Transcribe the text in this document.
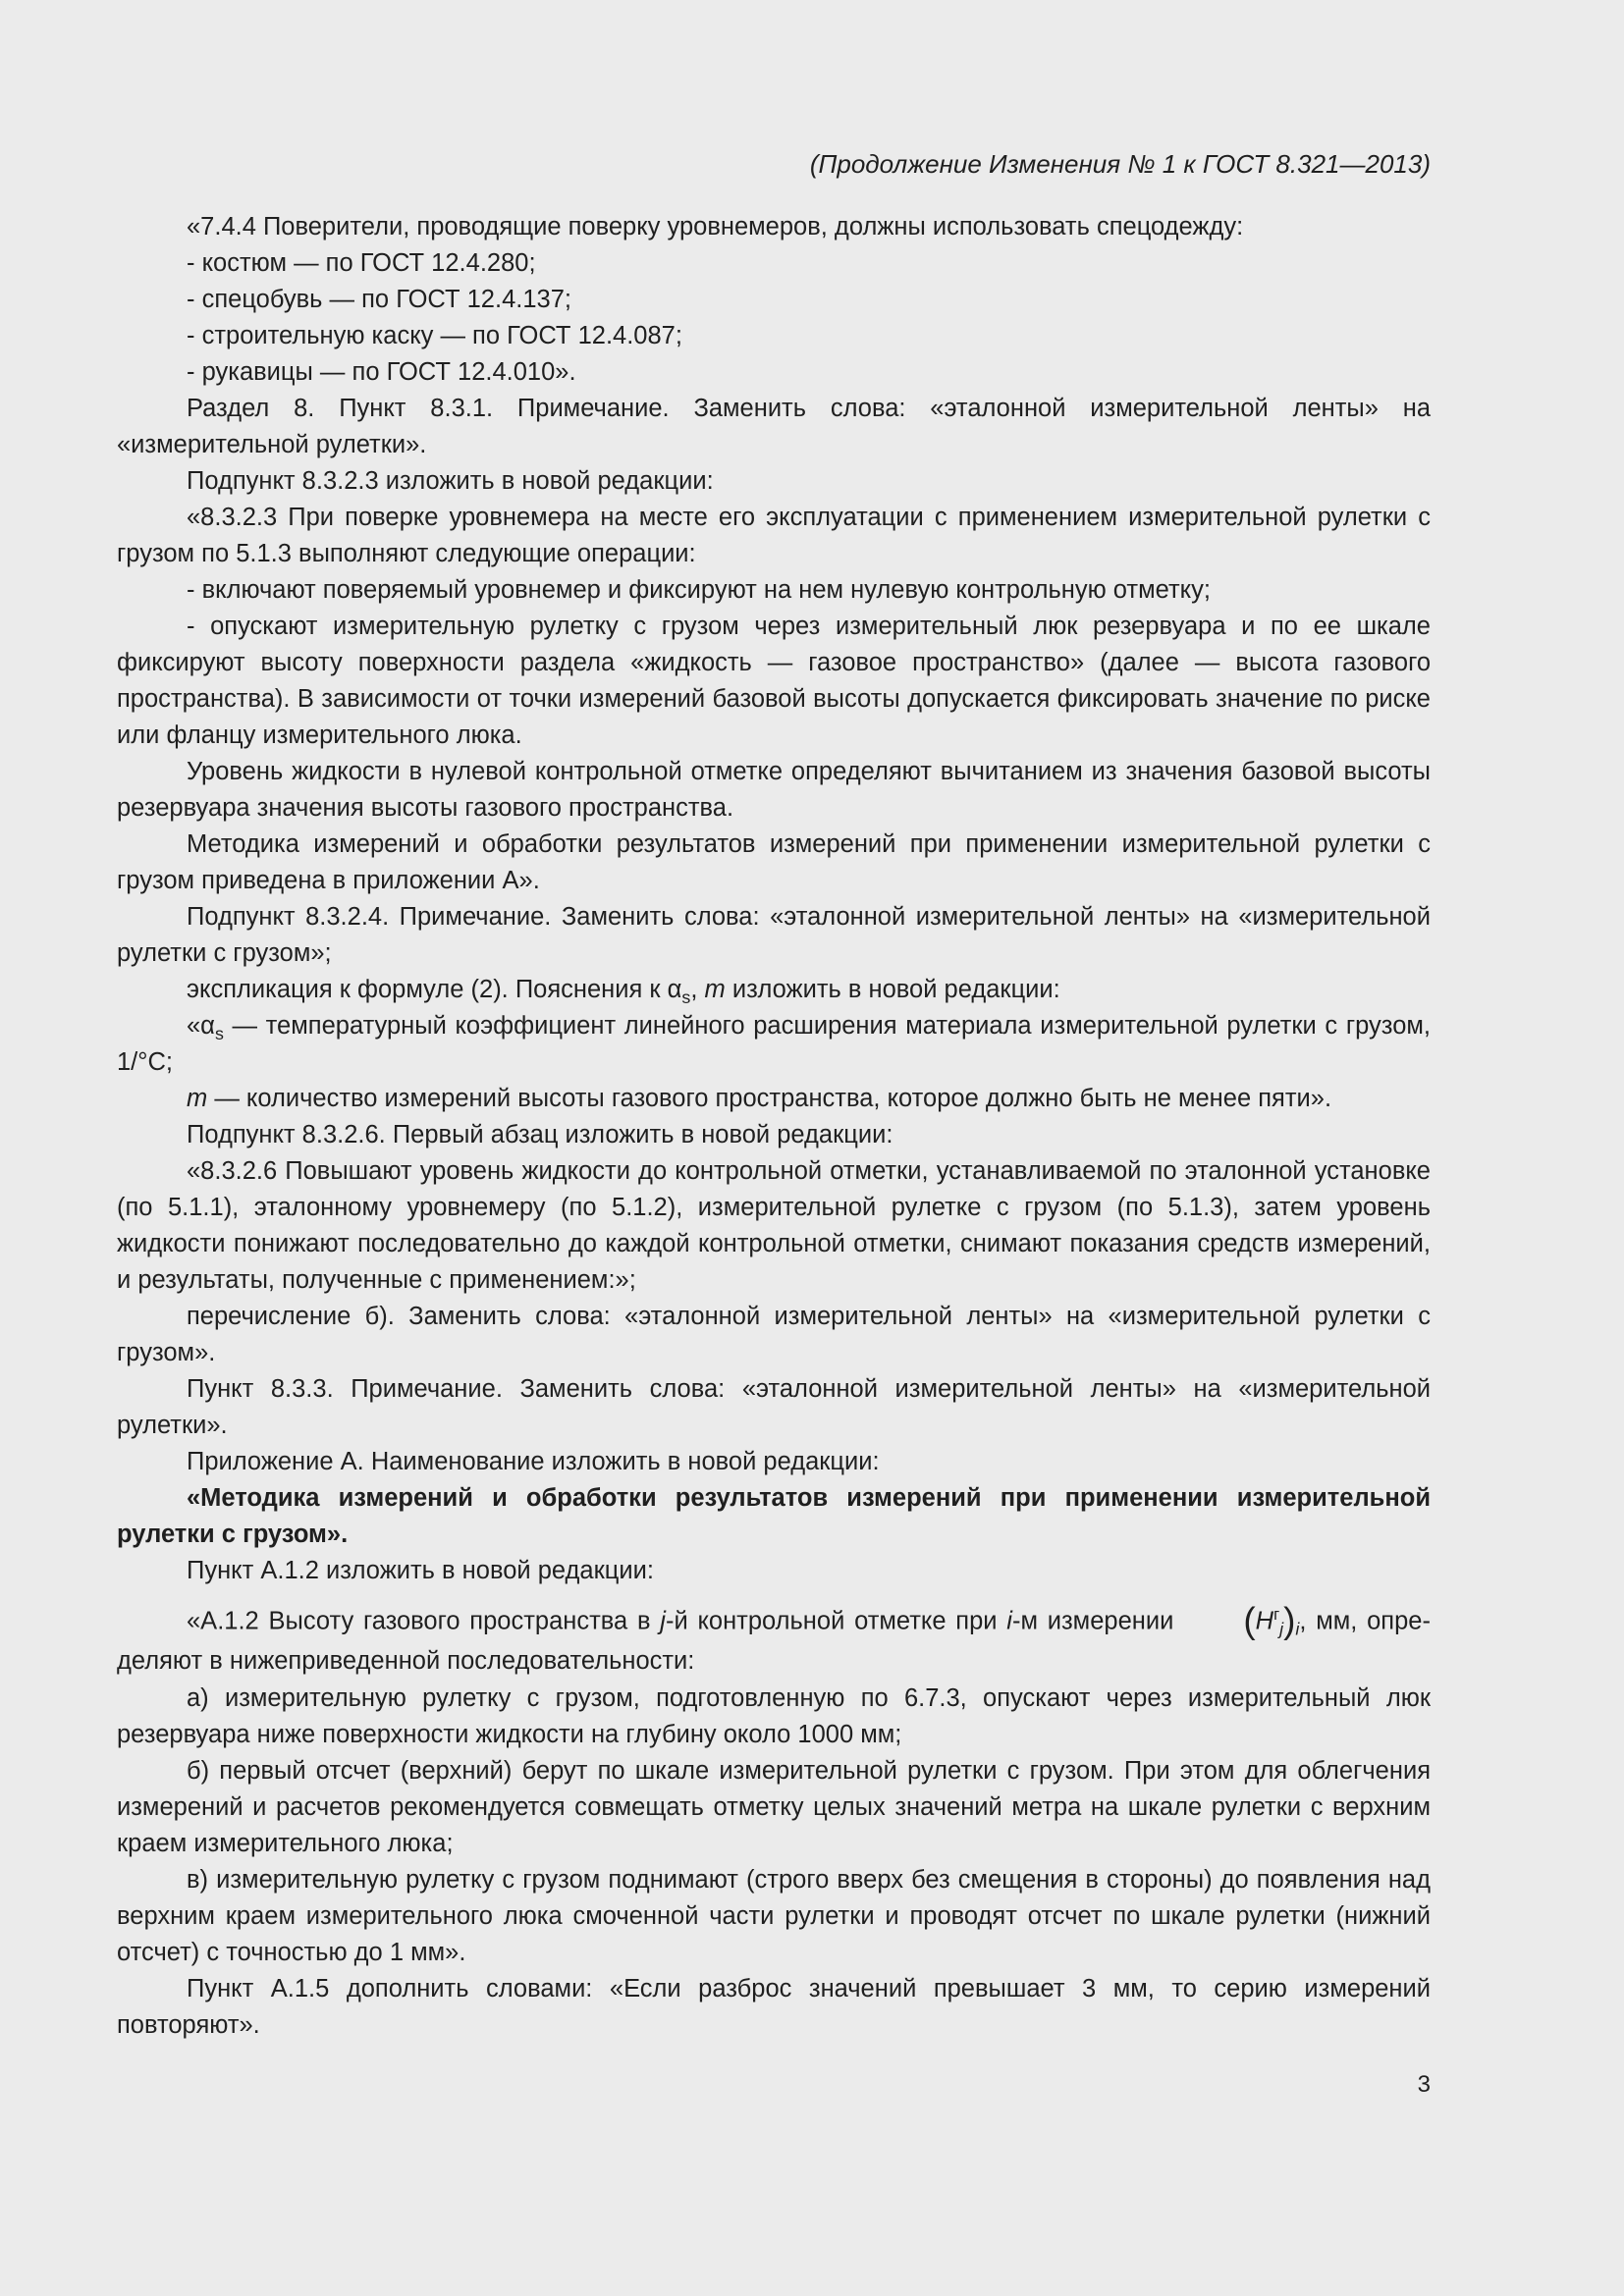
(Продолжение Изменения № 1 к ГОСТ 8.321—2013)

«7.4.4 Поверители, проводящие поверку уровнемеров, должны использовать спецодежду:

- костюм — по ГОСТ 12.4.280;

- спецобувь — по ГОСТ 12.4.137;

- строительную каску — по ГОСТ 12.4.087;

- рукавицы — по ГОСТ 12.4.010».

Раздел 8. Пункт 8.3.1. Примечание. Заменить слова: «эталонной измерительной ленты» на «измерительной рулетки».

Подпункт 8.3.2.3 изложить в новой редакции:

«8.3.2.3 При поверке уровнемера на месте его эксплуатации с применением измерительной рулетки с грузом по 5.1.3 выполняют следующие операции:

- включают поверяемый уровнемер и фиксируют на нем нулевую контрольную отметку;

- опускают измерительную рулетку с грузом через измерительный люк резервуара и по ее шкале фиксируют высоту поверхности раздела «жидкость — газовое пространство» (далее — высота газового пространства). В зависимости от точки измерений базовой высоты допускается фиксировать значение по риске или фланцу измерительного люка.

Уровень жидкости в нулевой контрольной отметке определяют вычитанием из значения базовой высоты резервуара значения высоты газового пространства.

Методика измерений и обработки результатов измерений при применении измерительной рулетки с грузом приведена в приложении А».

Подпункт 8.3.2.4. Примечание. Заменить слова: «эталонной измерительной ленты» на «измерительной рулетки с грузом»;

экспликация к формуле (2). Пояснения к $\alpha_s$, m изложить в новой редакции:

«$\alpha_s$ — температурный коэффициент линейного расширения материала измерительной рулетки с грузом, 1/°С;

m — количество измерений высоты газового пространства, которое должно быть не менее пяти».

Подпункт 8.3.2.6. Первый абзац изложить в новой редакции:

«8.3.2.6 Повышают уровень жидкости до контрольной отметки, устанавливаемой по эталонной установке (по 5.1.1), эталонному уровнемеру (по 5.1.2), измерительной рулетке с грузом (по 5.1.3), затем уровень жидкости понижают последовательно до каждой контрольной отметки, снимают показания средств измерений, и результаты, полученные с применением:»;

перечисление б). Заменить слова: «эталонной измерительной ленты» на «измерительной рулетки с грузом».

Пункт 8.3.3. Примечание. Заменить слова: «эталонной измерительной ленты» на «измерительной рулетки».

Приложение А. Наименование изложить в новой редакции:

«Методика измерений и обработки результатов измерений при применении измерительной рулетки с грузом».

Пункт А.1.2 изложить в новой редакции:

«А.1.2 Высоту газового пространства в j-й контрольной отметке при i-м измерении $(H^г_j)_i$, мм, определяют в нижеприведенной последовательности:

а) измерительную рулетку с грузом, подготовленную по 6.7.3, опускают через измерительный люк резервуара ниже поверхности жидкости на глубину около 1000 мм;

б) первый отсчет (верхний) берут по шкале измерительной рулетки с грузом. При этом для облегчения измерений и расчетов рекомендуется совмещать отметку целых значений метра на шкале рулетки с верхним краем измерительного люка;

в) измерительную рулетку с грузом поднимают (строго вверх без смещения в стороны) до появления над верхним краем измерительного люка смоченной части рулетки и проводят отсчет по шкале рулетки (нижний отсчет) с точностью до 1 мм».

Пункт А.1.5 дополнить словами: «Если разброс значений превышает 3 мм, то серию измерений повторяют».

3
